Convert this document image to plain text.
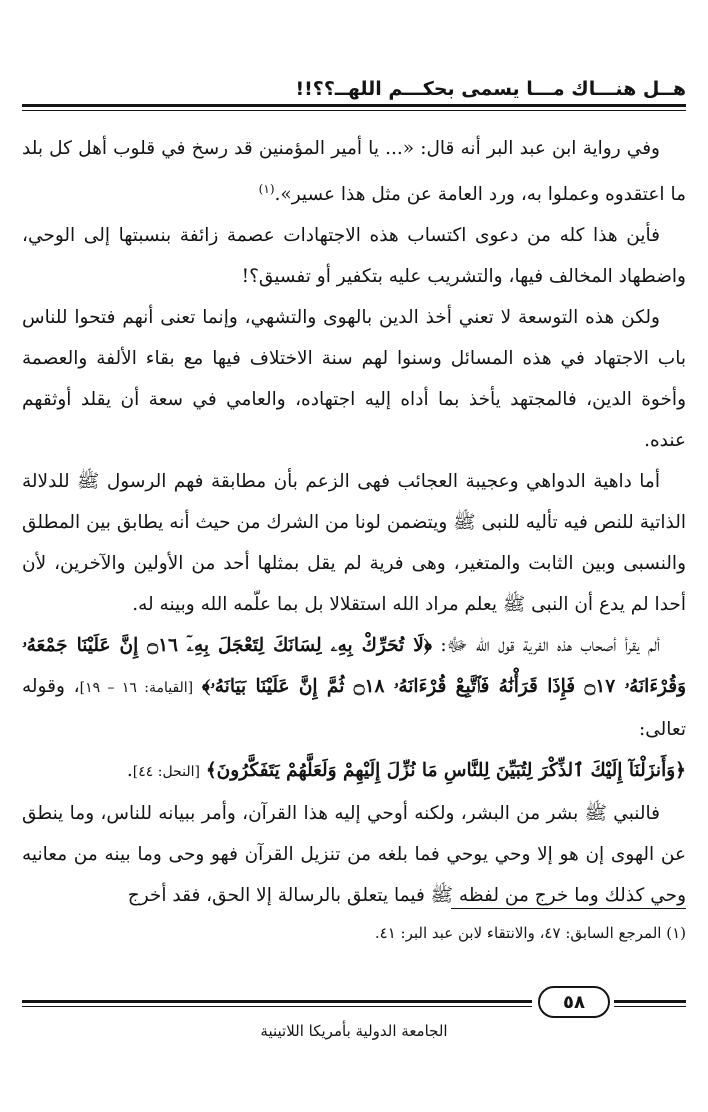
هــل هنـــاك مـــا يسمى بحكـــم اللهــ؟؟!!

وفي رواية ابن عبد البر أنه قال: «... يا أمير المؤمنين قد رسخ في قلوب أهل كل بلد ما اعتقدوه وعملوا به، ورد العامة عن مثل هذا عسير».$^{(١)}$

فأين هذا كله من دعوى اكتساب هذه الاجتهادات عصمة زائفة بنسبتها إلى الوحي، واضطهاد المخالف فيها، والتشريب عليه بتكفير أو تفسيق؟!

ولكن هذه التوسعة لا تعني أخذ الدين بالهوى والتشهي، وإنما تعنى أنهم فتحوا للناس باب الاجتهاد في هذه المسائل وسنوا لهم سنة الاختلاف فيها مع بقاء الألفة والعصمة وأخوة الدين، فالمجتهد يأخذ بما أداه إليه اجتهاده، والعامي في سعة أن يقلد أوثقهم عنده.

أما داهية الدواهي وعجيبة العجائب فهى الزعم بأن مطابقة فهم الرسول ﷺ للدلالة الذاتية للنص فيه تأليه للنبى ﷺ ويتضمن لونا من الشرك من حيث أنه يطابق بين المطلق والنسبى وبين الثابت والمتغير، وهى فرية لم يقل بمثلها أحد من الأولين والآخرين، لأن أحدا لم يدع أن النبى ﷺ يعلم مراد الله استقلالا بل بما علّمه الله وبينه له.

ألم يقرأ أصحاب هذه الفرية قول الله ﷻ: ﴿لَا تُحَرِّكْ بِهِۦ لِسَانَكَ لِتَعْجَلَ بِهِۦٓ ۝١٦ إِنَّ عَلَيْنَا جَمْعَهُۥ وَقُرْءَانَهُۥ ۝١٧ فَإِذَا قَرَأْنَٰهُ فَٱتَّبِعْ قُرْءَانَهُۥ ۝١٨ ثُمَّ إِنَّ عَلَيْنَا بَيَانَهُۥ﴾ [القيامة: ١٦ – ١٩]، وقوله تعالى:

﴿وَأَنزَلْنَآ إِلَيْكَ ٱلذِّكْرَ لِتُبَيِّنَ لِلنَّاسِ مَا نُزِّلَ إِلَيْهِمْ وَلَعَلَّهُمْ يَتَفَكَّرُونَ﴾ [النحل: ٤٤].

فالنبي ﷺ بشر من البشر، ولكنه أوحي إليه هذا القرآن، وأمر ببيانه للناس، وما ينطق عن الهوى إن هو إلا وحي يوحي فما بلغه من تنزيل القرآن فهو وحى وما بينه من معانيه وحي كذلك وما خرج من لفظه ﷺ فيما يتعلق بالرسالة إلا الحق، فقد أخرج

(١) المرجع السابق: ٤٧، والانتقاء لابن عبد البر: ٤١.
٥٨
الجامعة الدولية بأمريكا اللاتينية
